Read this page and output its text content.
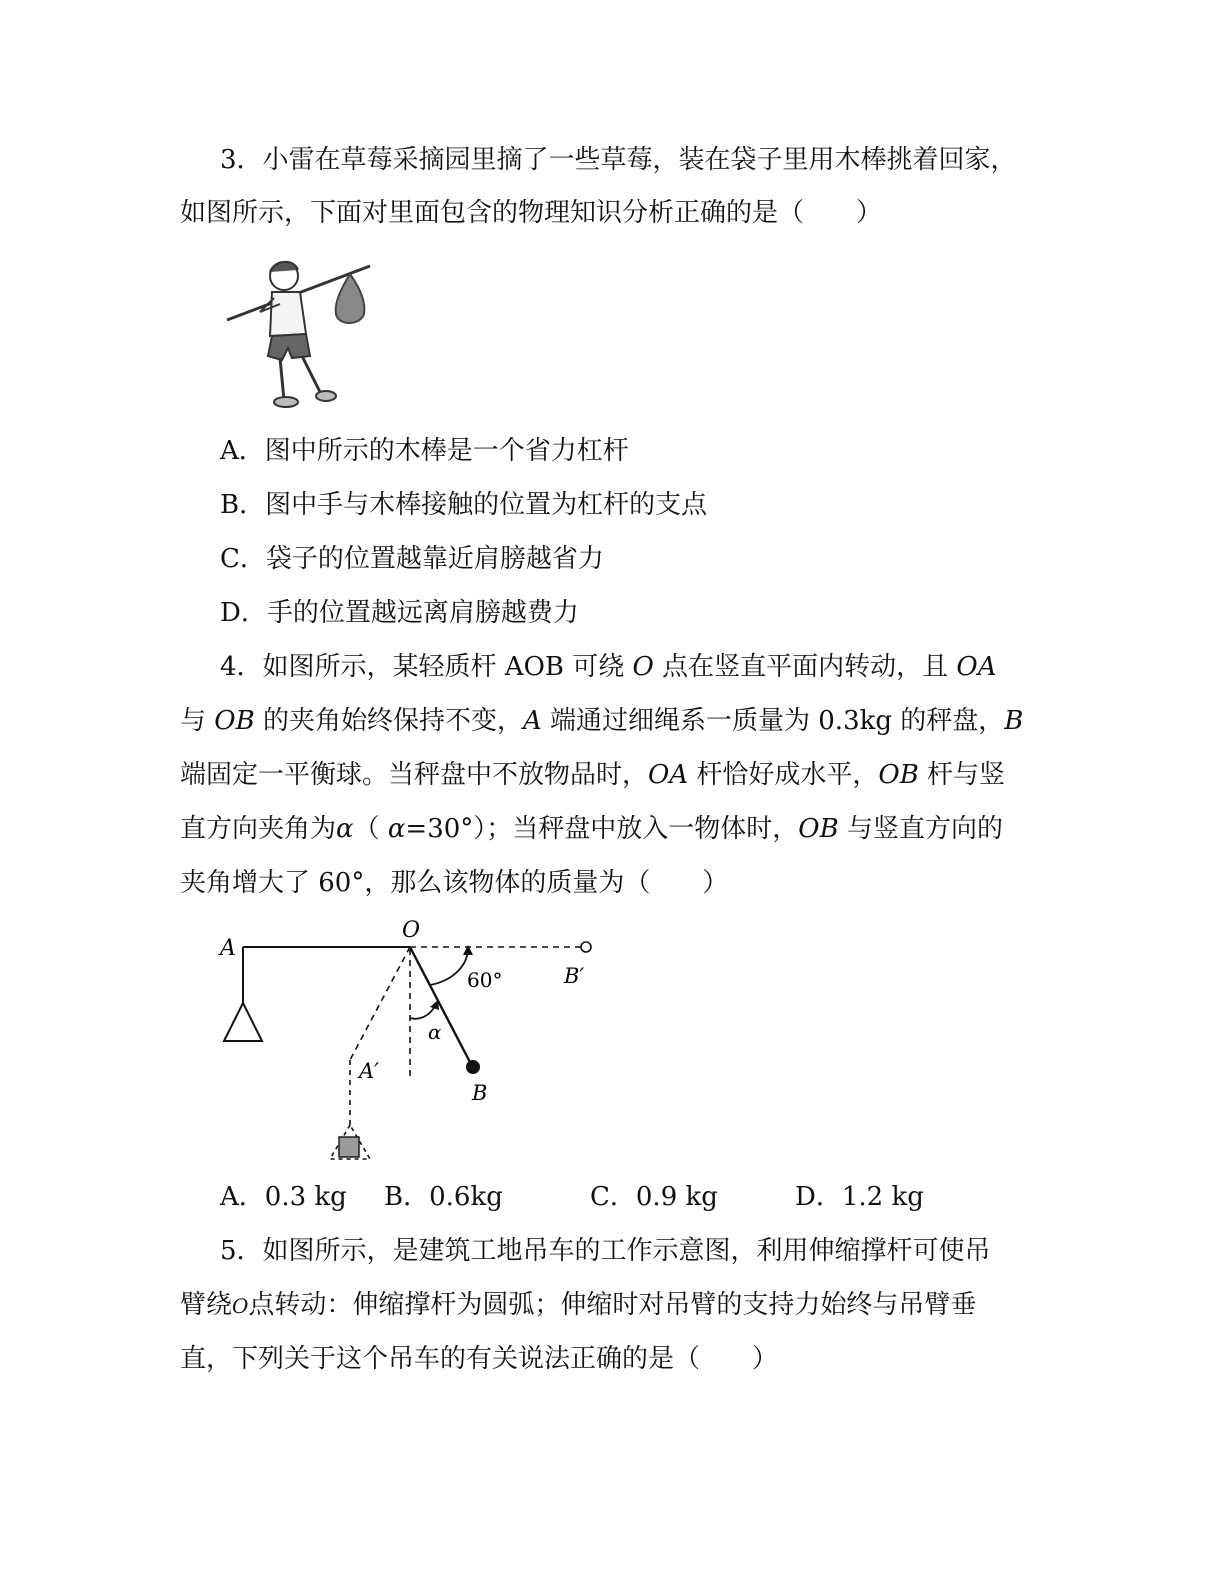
3．小雷在草莓采摘园里摘了一些草莓，装在袋子里用木棒挑着回家，
如图所示，下面对里面包含的物理知识分析正确的是（　　）
A．图中所示的木棒是一个省力杠杆
B．图中手与木棒接触的位置为杠杆的支点
C．袋子的位置越靠近肩膀越省力
D．手的位置越远离肩膀越费力
4．如图所示，某轻质杆 AOB 可绕 O 点在竖直平面内转动，且 OA
与 OB 的夹角始终保持不变，A 端通过细绳系一质量为 0.3kg 的秤盘，B
端固定一平衡球。当秤盘中不放物品时，OA 杆恰好成水平，OB 杆与竖
直方向夹角为α（ α=30°）；当秤盘中放入一物体时，OB 与竖直方向的
夹角增大了 60°，那么该物体的质量为（　　）
A
O
B′
60°
α
A′
B
A．0.3 kg B．0.6kg	C．0.9 kg	D．1.2 kg
5．如图所示，是建筑工地吊车的工作示意图，利用伸缩撑杆可使吊
臂绕O点转动：伸缩撑杆为圆弧；伸缩时对吊臂的支持力始终与吊臂垂
直，下列关于这个吊车的有关说法正确的是（　　）
